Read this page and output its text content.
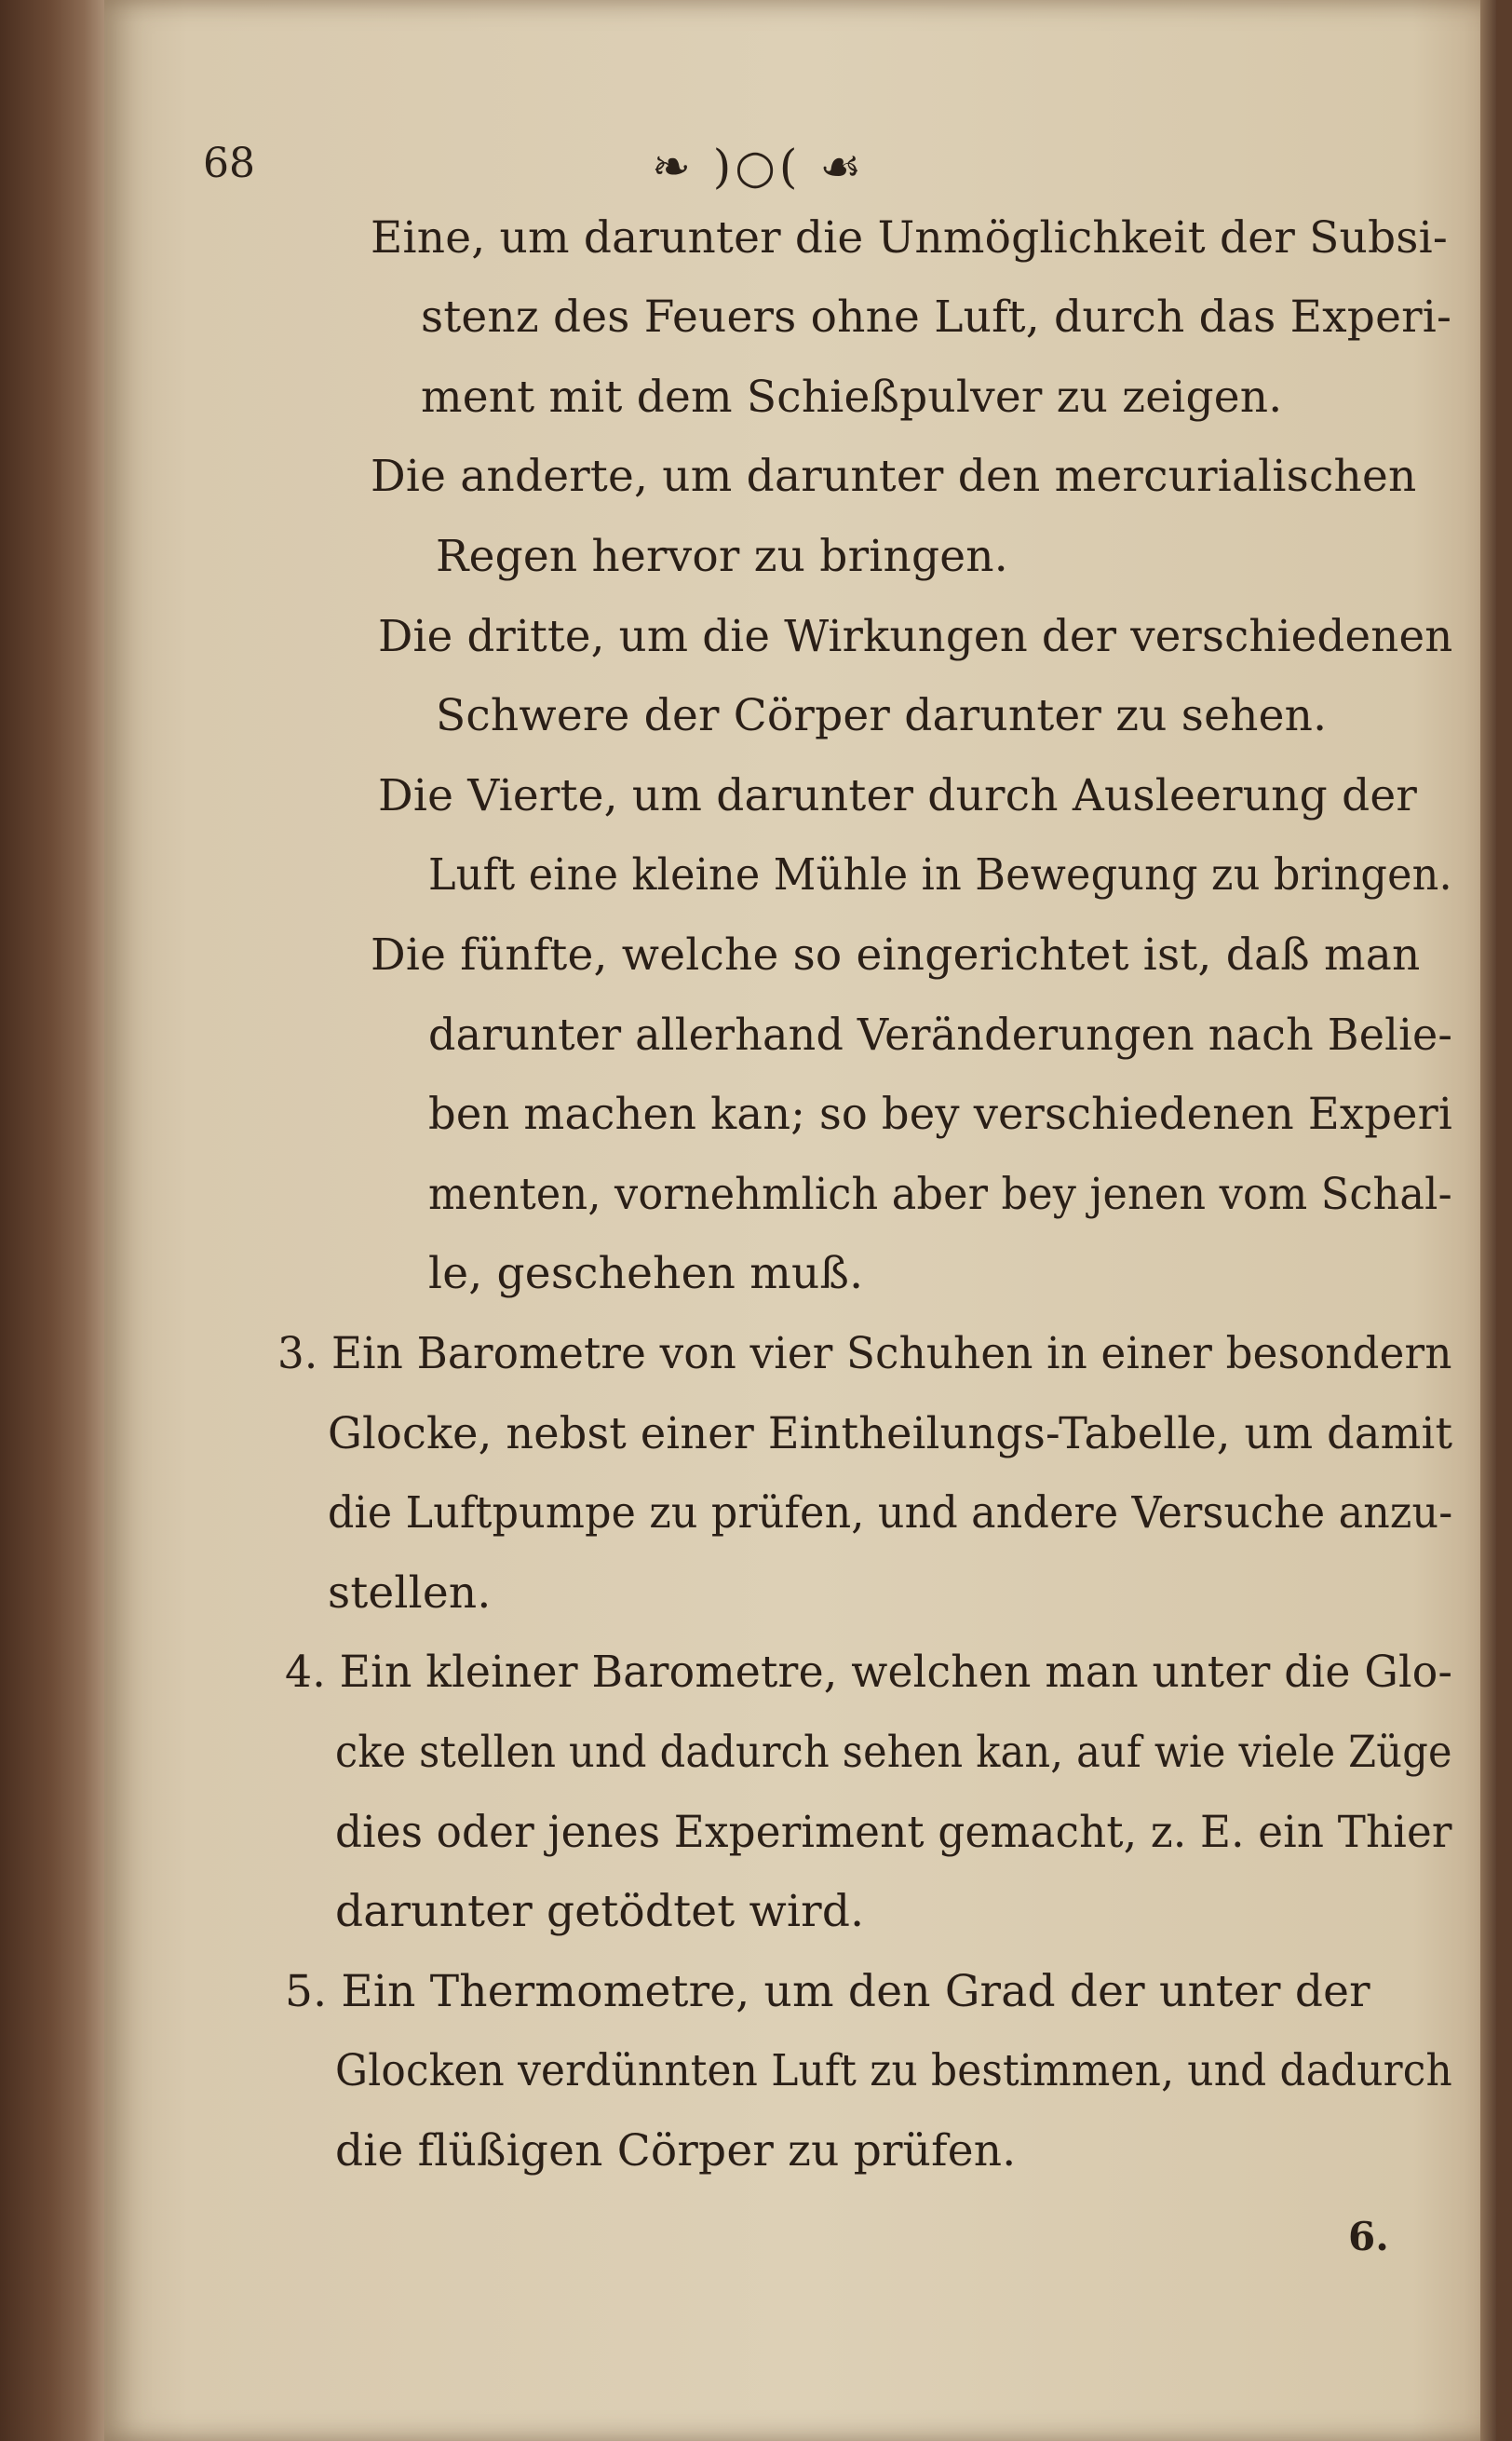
68	❧ )○( ☙
Eine, um darunter die Unmöglichkeit der Subsi-
stenz des Feuers ohne Luft, durch das Experi-
ment mit dem Schießpulver zu zeigen.
Die anderte, um darunter den mercurialischen
Regen hervor zu bringen.
Die dritte, um die Wirkungen der verschiedenen
Schwere der Cörper darunter zu sehen.
Die Vierte, um darunter durch Ausleerung der
Luft eine kleine Mühle in Bewegung zu bringen.
Die fünfte, welche so eingerichtet ist, daß man
darunter allerhand Veränderungen nach Belie-
ben machen kan; so bey verschiedenen Experi
menten, vornehmlich aber bey jenen vom Schal-
le, geschehen muß.
3. Ein Barometre von vier Schuhen in einer besondern
Glocke, nebst einer Eintheilungs-Tabelle, um damit
die Luftpumpe zu prüfen, und andere Versuche anzu-
stellen.
4. Ein kleiner Barometre, welchen man unter die Glo-
cke stellen und dadurch sehen kan, auf wie viele Züge
dies oder jenes Experiment gemacht, z. E. ein Thier
darunter getödtet wird.
5. Ein Thermometre, um den Grad der unter der
Glocken verdünnten Luft zu bestimmen, und dadurch
die flüßigen Cörper zu prüfen.
6.
